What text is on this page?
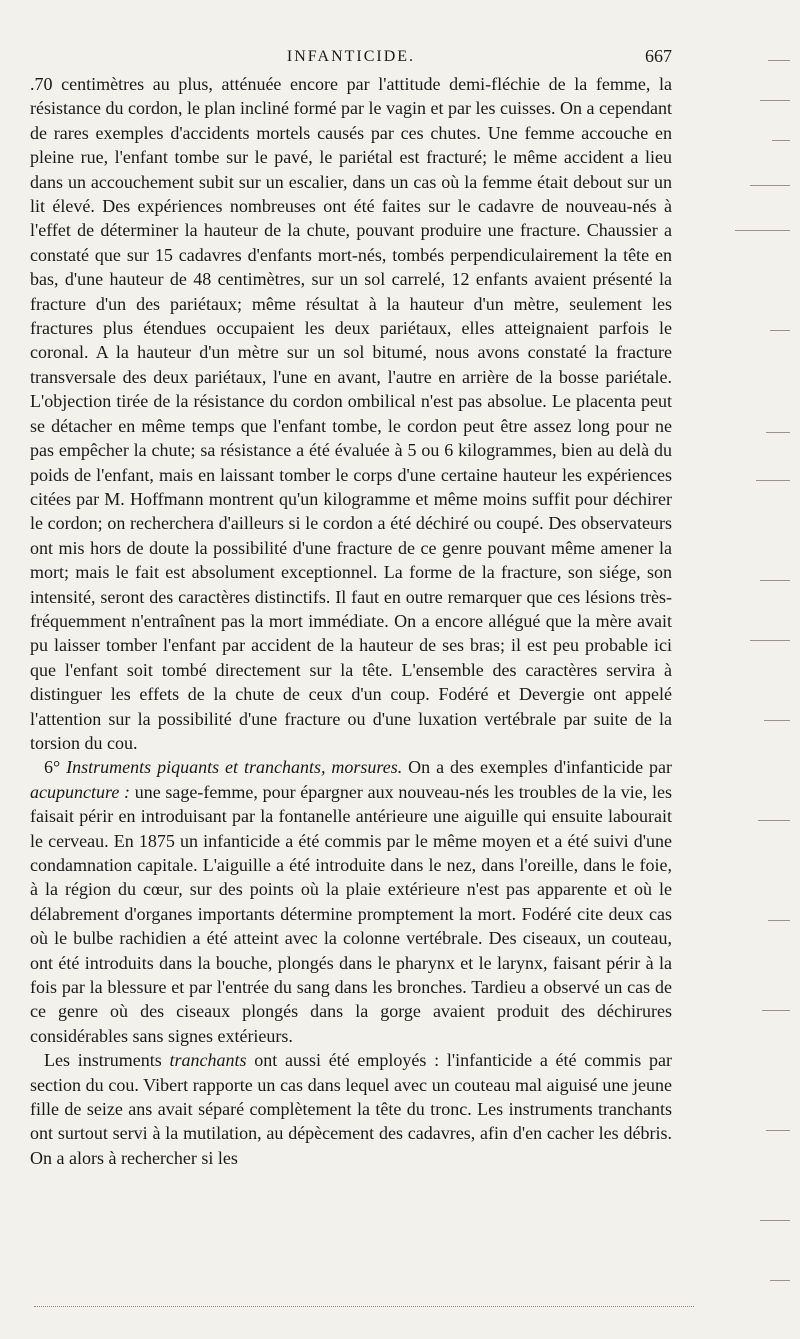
INFANTICIDE.	667

.70 centimètres au plus, atténuée encore par l'attitude demi-fléchie de la femme, la résistance du cordon, le plan incliné formé par le vagin et par les cuisses. On a cependant de rares exemples d'accidents mortels causés par ces chutes. Une femme accouche en pleine rue, l'enfant tombe sur le pavé, le pariétal est fracturé; le même accident a lieu dans un accouchement subit sur un escalier, dans un cas où la femme était debout sur un lit élevé. Des expériences nombreuses ont été faites sur le cadavre de nouveau-nés à l'effet de déterminer la hauteur de la chute, pouvant produire une fracture. Chaussier a constaté que sur 15 cadavres d'enfants mort-nés, tombés perpendiculairement la tête en bas, d'une hauteur de 48 centimètres, sur un sol carrelé, 12 enfants avaient présenté la fracture d'un des pariétaux; même résultat à la hauteur d'un mètre, seulement les fractures plus étendues occupaient les deux pariétaux, elles atteignaient parfois le coronal. A la hauteur d'un mètre sur un sol bitumé, nous avons constaté la fracture transversale des deux pariétaux, l'une en avant, l'autre en arrière de la bosse pariétale. L'objection tirée de la résistance du cordon ombilical n'est pas absolue. Le placenta peut se détacher en même temps que l'enfant tombe, le cordon peut être assez long pour ne pas empêcher la chute; sa résistance a été évaluée à 5 ou 6 kilogrammes, bien au delà du poids de l'enfant, mais en laissant tomber le corps d'une certaine hauteur les expériences citées par M. Hoffmann montrent qu'un kilogramme et même moins suffit pour déchirer le cordon; on recherchera d'ailleurs si le cordon a été déchiré ou coupé. Des observateurs ont mis hors de doute la possibilité d'une fracture de ce genre pouvant même amener la mort; mais le fait est absolument exceptionnel. La forme de la fracture, son siége, son intensité, seront des caractères distinctifs. Il faut en outre remarquer que ces lésions très-fréquemment n'entraînent pas la mort immédiate. On a encore allégué que la mère avait pu laisser tomber l'enfant par accident de la hauteur de ses bras; il est peu probable ici que l'enfant soit tombé directement sur la tête. L'ensemble des caractères servira à distinguer les effets de la chute de ceux d'un coup. Fodéré et Devergie ont appelé l'attention sur la possibilité d'une fracture ou d'une luxation vertébrale par suite de la torsion du cou.

6° Instruments piquants et tranchants, morsures. On a des exemples d'infanticide par acupuncture : une sage-femme, pour épargner aux nouveau-nés les troubles de la vie, les faisait périr en introduisant par la fontanelle antérieure une aiguille qui ensuite labourait le cerveau. En 1875 un infanticide a été commis par le même moyen et a été suivi d'une condamnation capitale. L'aiguille a été introduite dans le nez, dans l'oreille, dans le foie, à la région du cœur, sur des points où la plaie extérieure n'est pas apparente et où le délabrement d'organes importants détermine promptement la mort. Fodéré cite deux cas où le bulbe rachidien a été atteint avec la colonne vertébrale. Des ciseaux, un couteau, ont été introduits dans la bouche, plongés dans le pharynx et le larynx, faisant périr à la fois par la blessure et par l'entrée du sang dans les bronches. Tardieu a observé un cas de ce genre où des ciseaux plongés dans la gorge avaient produit des déchirures considérables sans signes extérieurs.

Les instruments tranchants ont aussi été employés : l'infanticide a été commis par section du cou. Vibert rapporte un cas dans lequel avec un couteau mal aiguisé une jeune fille de seize ans avait séparé complètement la tête du tronc. Les instruments tranchants ont surtout servi à la mutilation, au dépècement des cadavres, afin d'en cacher les débris. On a alors à rechercher si les
